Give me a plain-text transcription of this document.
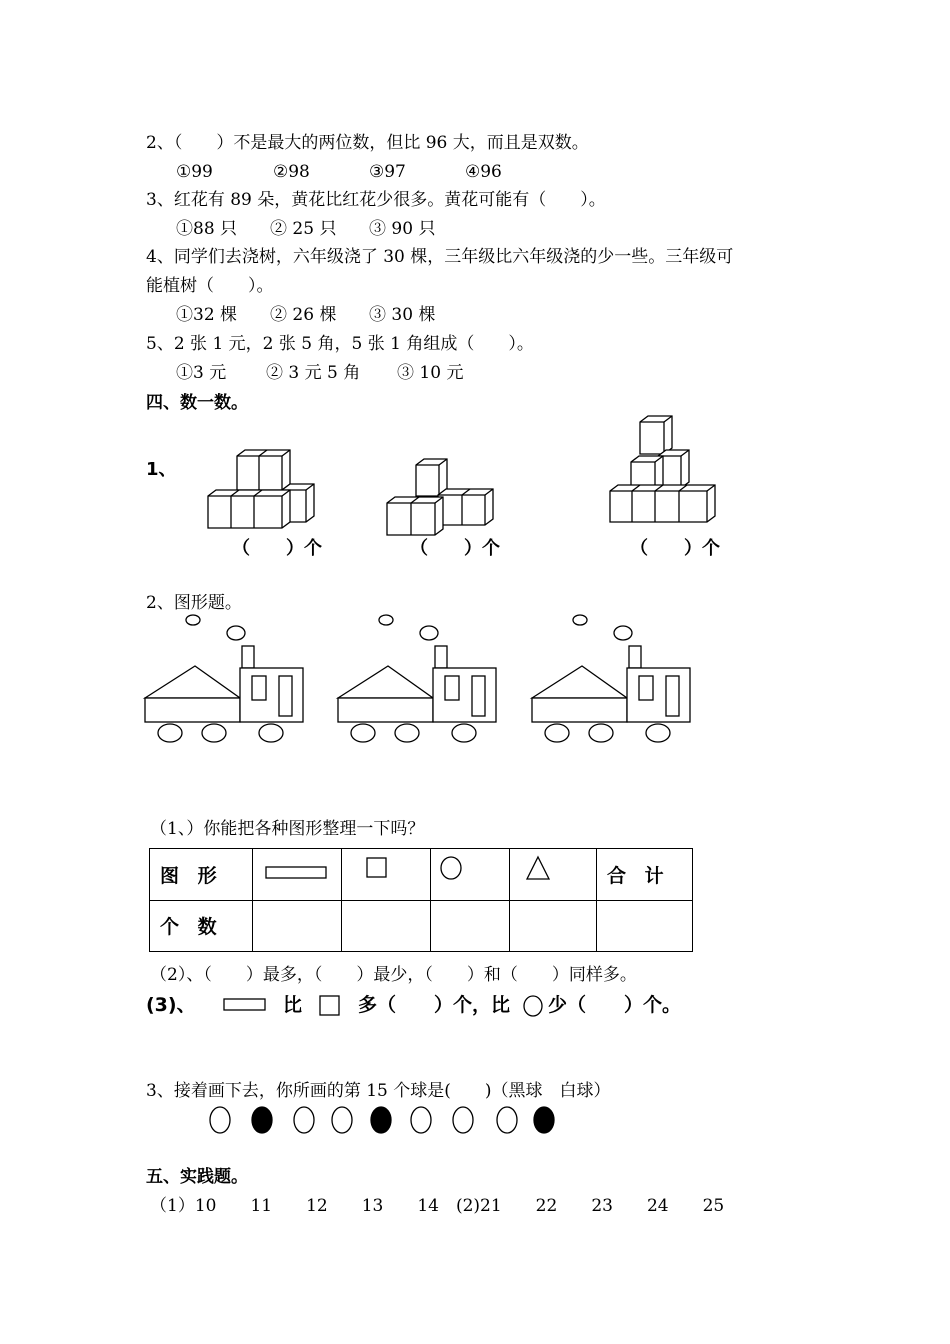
2、（　　）不是最大的两位数，但比 96 大，而且是双数。
①99	②98	③97	④96
3、红花有 89 朵，黄花比红花少很多。黄花可能有（　　）。
①88 只 ② 25 只 ③ 90 只
4、同学们去浇树，六年级浇了 30 棵，三年级比六年级浇的少一些。三年级可
能植树（　　）。
①32 棵 ② 26 棵 ③ 30 棵
5、2 张 1 元，2 张 5 角，5 张 1 角组成（　　）。
①3 元 ② 3 元 5 角 ③ 10 元
四、数一数。
1、
（　　）个	（　　）个	（　　）个
2、图形题。
（1、）你能把各种图形整理一下吗？
图 形					合 计
个 数					
（2）、（　　）最多，（　　）最少，（　　）和（　　）同样多。
(3)、	比	多（　　）个，比 少（　　）个。
3、接着画下去，你所画的第 15 个球是(　　)（黑球　白球）
五、实践题。
（1）10　　11　　12　　13　　14　(2)21　　22　　23　　24　　25
